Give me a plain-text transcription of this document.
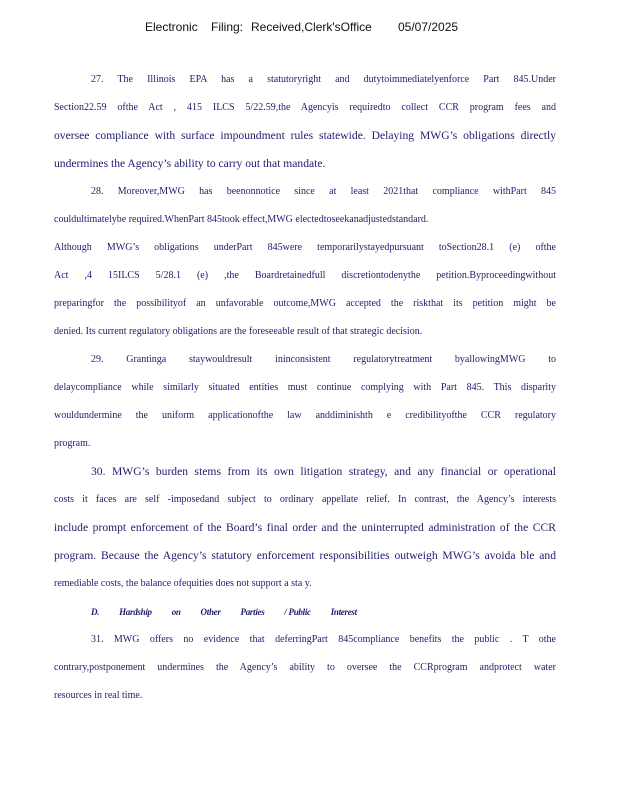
Electronic Filing: Received,Clerk'sOffice 05/07/2025
27. The Illinois EPA has a statutoryright and dutytoimmediatelyenforce Part 845.Under
Section22.59 ofthe Act , 415 ILCS 5/22.59,the Agencyis requiredto collect CCR program fees and
oversee compliance with surface impoundment rules statewide. Delaying MWG’s obligations directly
undermines the Agency’s ability to carry out that mandate.
28. Moreover,MWG has beenonnotice since at least 2021that compliance withPart 845
couldultimatelybe required.WhenPart 845took effect,MWG electedtoseekanadjustedstandard.
Although MWG’s obligations underPart 845were temporarilystayedpursuant toSection28.1 (e) ofthe
Act ,4 15ILCS 5/28.1 (e) ,the Boardretainedfull discretiontodenythe petition.Byproceedingwithout
preparingfor the possibilityof an unfavorable outcome,MWG accepted the riskthat its petition might be
denied. Its current regulatory obligations are the foreseeable result of that strategic decision.
29. Grantinga staywouldresult ininconsistent regulatorytreatment byallowingMWG to
delaycompliance while similarly situated entities must continue complying with Part 845. This disparity
wouldundermine the uniform applicationofthe law anddiminishth e credibilityofthe CCR regulatory
program.
30. MWG’s burden stems from its own litigation strategy, and any financial or operational
costs it faces are self -imposedand subject to ordinary appellate relief. In contrast, the Agency’s interests
include prompt enforcement of the Board’s final order and the uninterrupted administration of the CCR
program. Because the Agency’s statutory enforcement responsibilities outweigh MWG’s avoida ble and
remediable costs, the balance ofequities does not support a sta y.
D. Hardship on Other Parties / Public Interest
31. MWG offers no evidence that deferringPart 845compliance benefits the public . T othe
contrary,postponement undermines the Agency’s ability to oversee the CCRprogram andprotect water
resources in real time.
